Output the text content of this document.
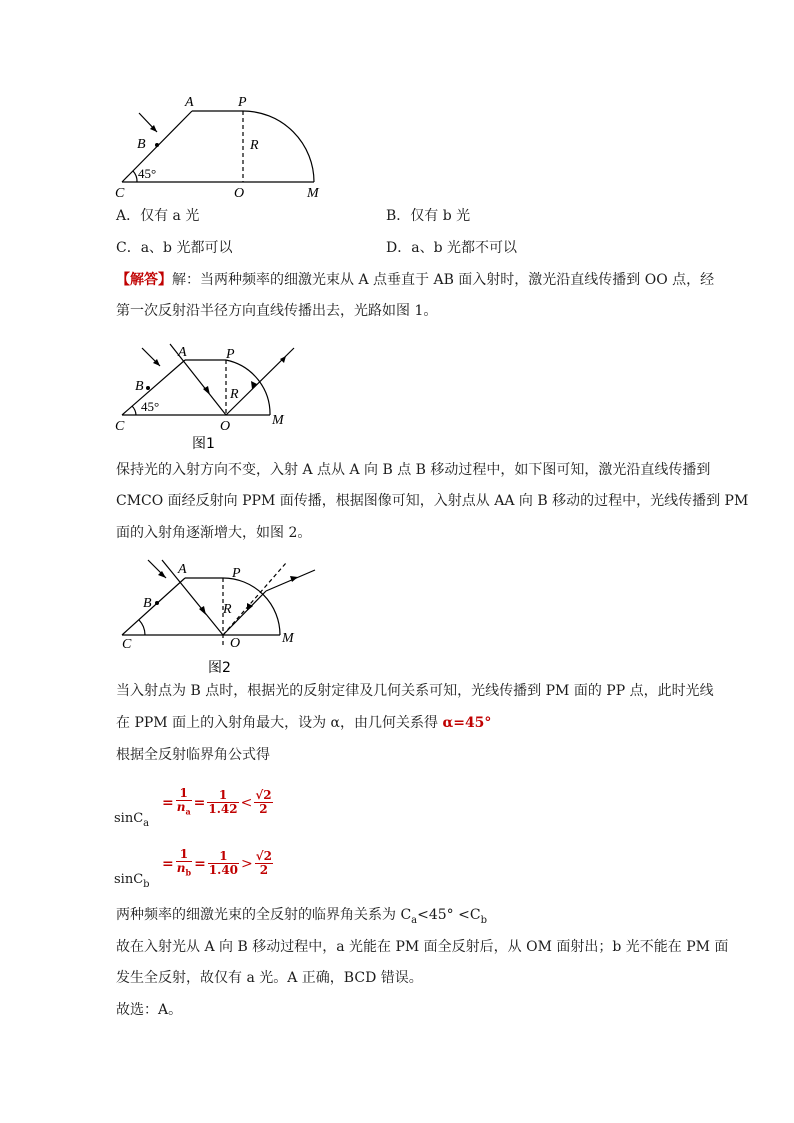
A	P
B	R
C	O	M
45°
A．仅有 a 光	B．仅有 b 光
C．a、b 光都可以	D．a、b 光都不可以
【解答】解：当两种频率的细激光束从 A 点垂直于 AB 面入射时，激光沿直线传播到 OO 点，经
第一次反射沿半径方向直线传播出去，光路如图 1。
A	P
B
R
C	O	M
45°
图1
保持光的入射方向不变，入射 A 点从 A 向 B 点 B 移动过程中，如下图可知，激光沿直线传播到
CMCO 面经反射向 PPM 面传播，根据图像可知，入射点从 AA 向 B 移动的过程中，光线传播到 PM
面的入射角逐渐增大，如图 2。
A	P
B	R
C	O	M
图2
当入射点为 B 点时，根据光的反射定律及几何关系可知，光线传播到 PM 面的 PP 点，此时光线
在 PPM 面上的入射角最大，设为 α，由几何关系得 α=45°
根据全反射临界角公式得
= $\frac{1}{n_a} = \frac{1}{1.42} < \frac{√2}{2}$
sinC$_a$
= $\frac{1}{n_b} = \frac{1}{1.40} > \frac{√2}{2}$
sinC$_b$
两种频率的细激光束的全反射的临界角关系为 $C_a<45^\circ <C_b$
故在入射光从 A 向 B 移动过程中，a 光能在 PM 面全反射后，从 OM 面射出；b 光不能在 PM 面
发生全反射，故仅有 a 光。A 正确，BCD 错误。
故选：A。
